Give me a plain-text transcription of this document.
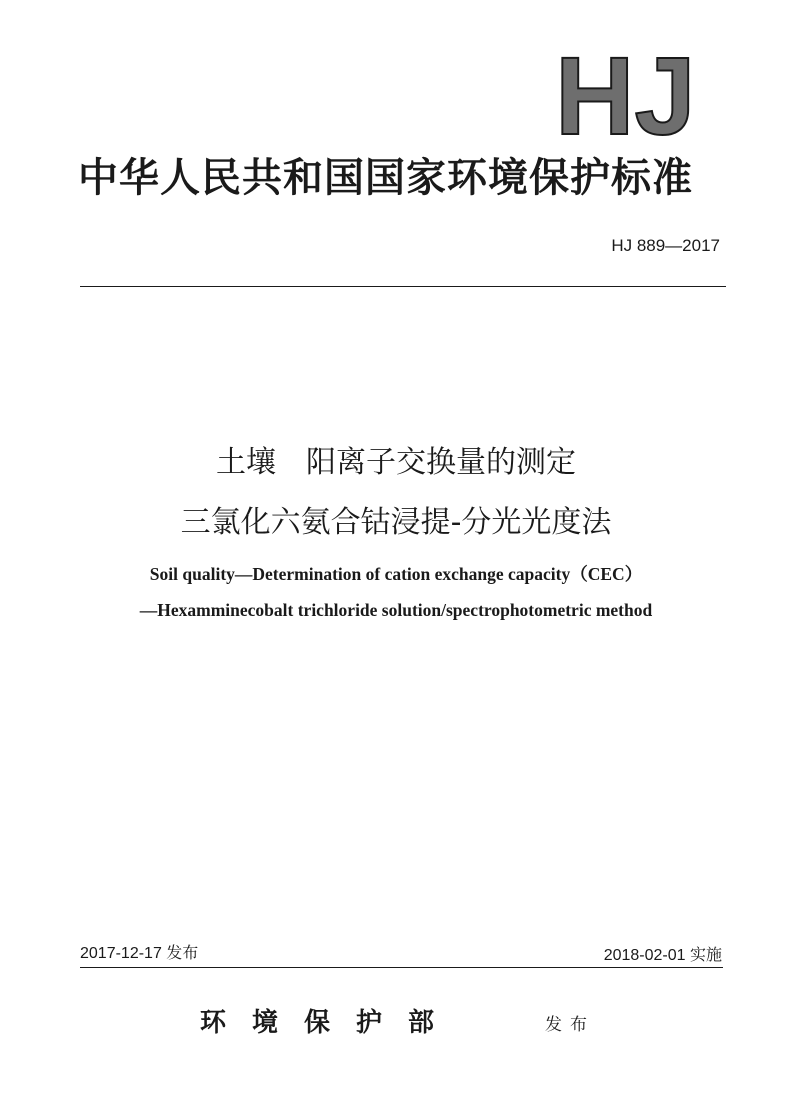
HJ
中华人民共和国国家环境保护标准
HJ 889—2017
土壤　阳离子交换量的测定
三氯化六氨合钴浸提-分光光度法
Soil quality—Determination of cation exchange capacity（CEC）
—Hexamminecobalt trichloride solution/spectrophotometric method
2017-12-17 发布	2018-02-01 实施
环境保护部	发布
